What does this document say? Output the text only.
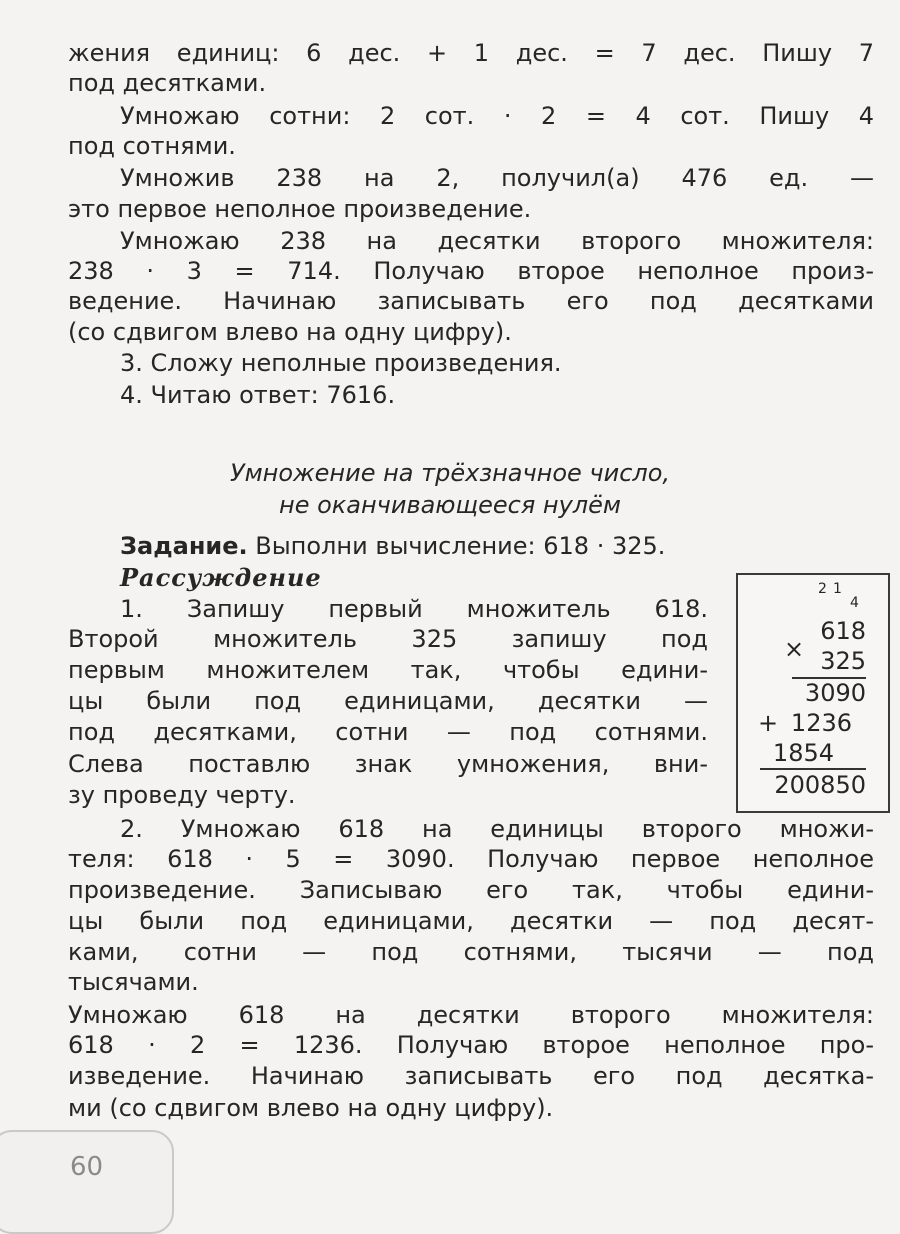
жения единиц: 6 дес. + 1 дес. = 7 дес. Пишу 7
под десятками.
Умножаю сотни: 2 сот. · 2 = 4 сот. Пишу 4
под сотнями.
Умножив 238 на 2, получил(а) 476 ед. —
это первое неполное произведение.
Умножаю 238 на десятки второго множителя:
238 · 3 = 714. Получаю второе неполное произ-
ведение. Начинаю записывать его под десятками
(со сдвигом влево на одну цифру).
3. Сложу неполные произведения.
4. Читаю ответ: 7616.
Умножение на трёхзначное число,
не оканчивающееся нулём
Задание. Выполни вычисление: 618 · 325.
Рассуждение
1. Запишу первый множитель 618.
Второй множитель 325 запишу под
первым множителем так, чтобы едини-
цы были под единицами, десятки —
под десятками, сотни — под сотнями.
Слева поставлю знак умножения, вни-
зу проведу черту.
2 1
4
×
618
325
3090
+ 1236
1854
200850
2. Умножаю 618 на единицы второго множи-
теля: 618 · 5 = 3090. Получаю первое неполное
произведение. Записываю его так, чтобы едини-
цы были под единицами, десятки — под десят-
ками, сотни — под сотнями, тысячи — под
тысячами.
Умножаю 618 на десятки второго множителя:
618 · 2 = 1236. Получаю второе неполное про-
изведение. Начинаю записывать его под десятка-
ми (со сдвигом влево на одну цифру).
60
